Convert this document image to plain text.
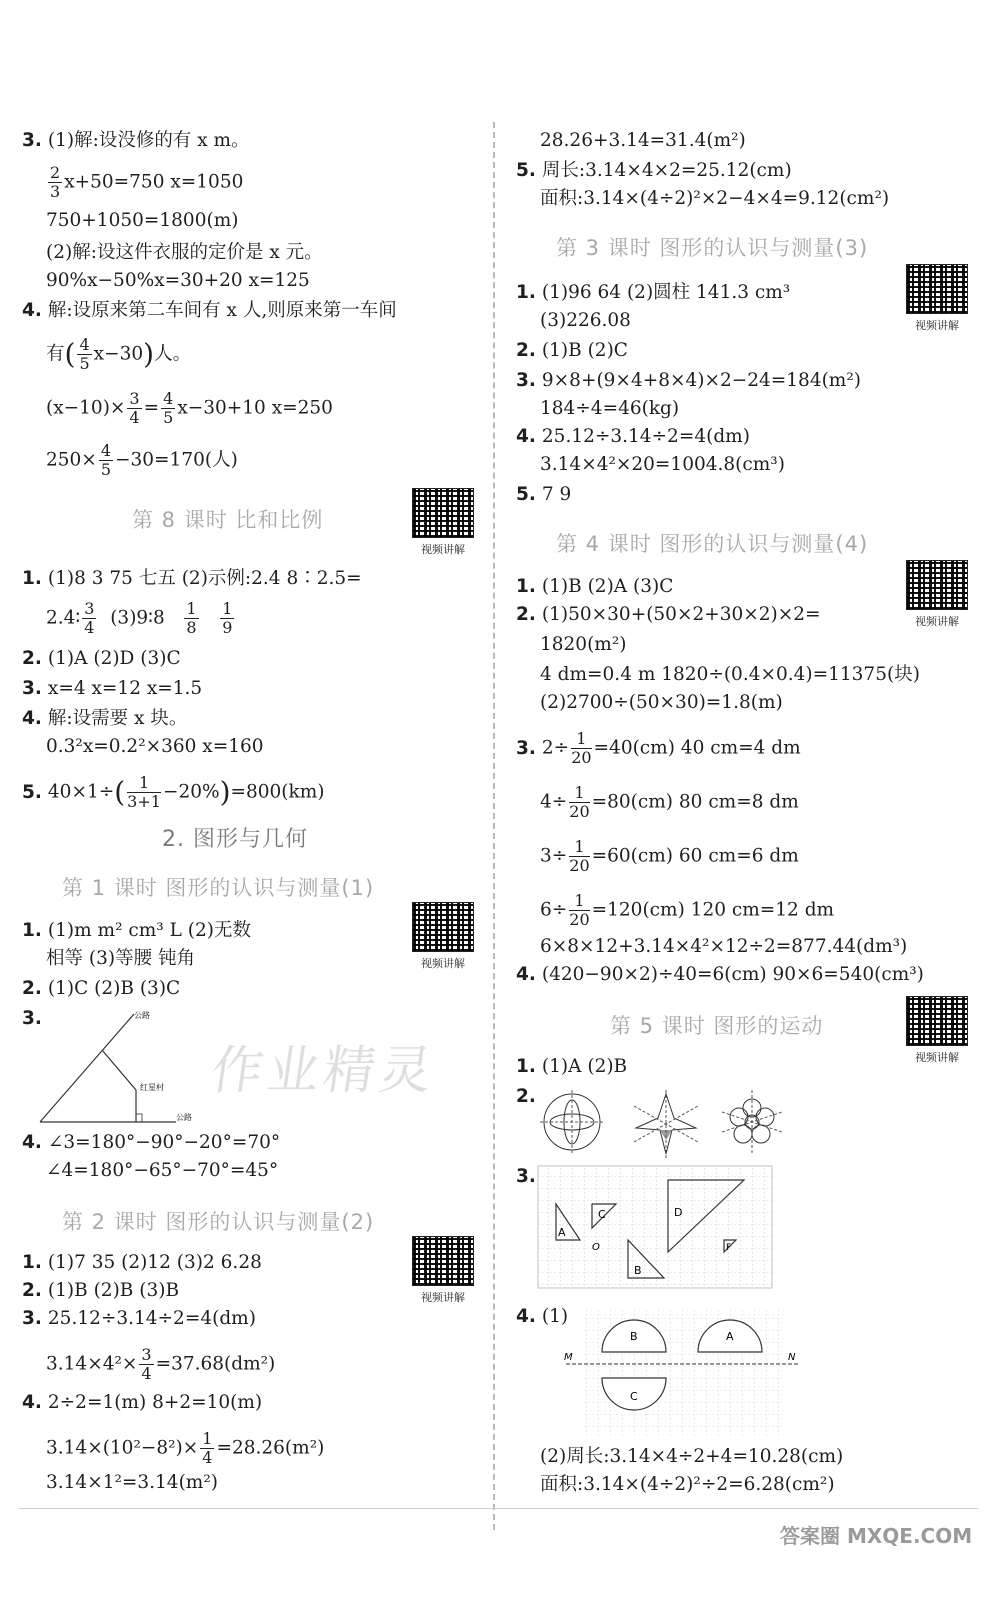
3. (1)解:设没修的有 x m。
$\frac{2}{3} x+50=750$ x=1050
750+1050=1800(m)
(2)解:设这件衣服的定价是 x 元。
90%x−50%x=30+20 x=125
4. 解:设原来第二车间有 x 人,则原来第一车间
有( $\frac{4}{5} x-30$)人。
$(x-10)\times \frac{3}{4} = \frac{4}{5} x-30+10$ x=250
$250\times \frac{4}{5} -30=170$(人)
第 8 课时 比和比例
视频讲解
1. (1)8 3 75 七五 (2)示例:2.4 8∶2.5=
2.4∶ $\frac{3}{4}$ (3)9∶8 $\frac{1}{8}$
$\frac{1}{9}$
2. (1)A (2)D (3)C
3. x=4 x=12 x=1.5
4. 解:设需要 x 块。
0.3²x=0.2²×360 x=160
5. $40\times 1\div( \frac{1}{3+1} -20\%)=800(km)$
2. 图形与几何
第 1 课时 图形的认识与测量(1)
视频讲解
1. (1)m m² cm³ L (2)无数
相等 (3)等腰 钝角
2. (1)C (2)B (3)C
3.	公路
红星村
公路
作业精灵
4. ∠3=180°−90°−20°=70°
∠4=180°−65°−70°=45°
第 2 课时 图形的认识与测量(2)
视频讲解
1. (1)7 35 (2)12 (3)2 6.28
2. (1)B (2)B (3)B
3. 25.12÷3.14÷2=4(dm)
$3.14\times 4^2\times \frac{3}{4} =37.68(dm^2)$
4. 2÷2=1(m) 8+2=10(m)
$3.14\times(10^2-8^2)\times \frac{1}{4} =28.26(m^2)$
3.14×1²=3.14(m²)
28.26+3.14=31.4(m²)
5. 周长:3.14×4×2=25.12(cm)
面积:3.14×(4÷2)²×2−4×4=9.12(cm²)
第 3 课时 图形的认识与测量(3)
视频讲解
1. (1)96 64 (2)圆柱 141.3 cm³
(3)226.08
2. (1)B (2)C
3. 9×8+(9×4+8×4)×2−24=184(m²)
184÷4=46(kg)
4. 25.12÷3.14÷2=4(dm)
3.14×4²×20=1004.8(cm³)
5. 7 9
第 4 课时 图形的认识与测量(4)
视频讲解
1. (1)B (2)A (3)C
2. (1)50×30+(50×2+30×2)×2=
1820(m²)
4 dm=0.4 m 1820÷(0.4×0.4)=11375(块)
(2)2700÷(50×30)=1.8(m)
3. $2\div \frac{1}{20} =40(cm)$ 40 cm=4 dm
$4\div \frac{1}{20} =80(cm)$ 80 cm=8 dm
$3\div \frac{1}{20} =60(cm)$ 60 cm=6 dm
$6\div \frac{1}{20} =120(cm)$ 120 cm=12 dm
6×8×12+3.14×4²×12÷2=877.44(dm³)
4. (420−90×2)÷40=6(cm) 90×6=540(cm³)
第 5 课时 图形的运动
视频讲解
1. (1)A (2)B
2.
3.
A
C
O
D
B
F
4. (1)
B	A
M	N
C
(2)周长:3.14×4÷2+4=10.28(cm)
面积:3.14×(4÷2)²÷2=6.28(cm²)
答案圈 MXQE.COM
